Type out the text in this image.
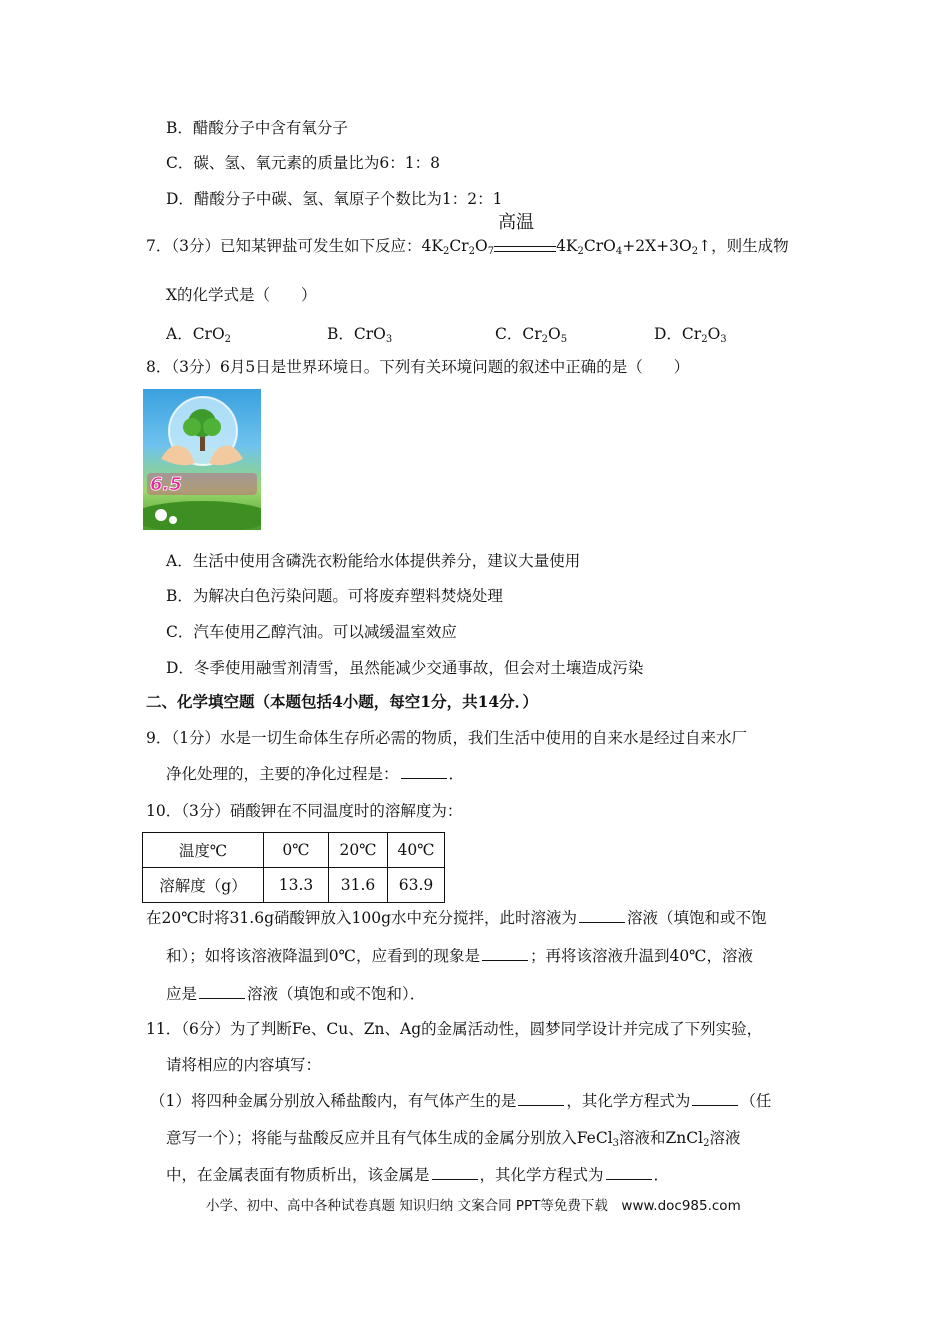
B．醋酸分子中含有氧分子
C．碳、氢、氧元素的质量比为6：1：8
D．醋酸分子中碳、氢、氧原子个数比为1：2：1
7．（3分）已知某钾盐可发生如下反应：$4K_2Cr_2O_7$
高温
$4K_2CrO_4+2X+3O_2↑$，则生成物
X的化学式是（　　）
A．CrO$_2$	B．CrO$_3$	C．$Cr_2O_5$	D．$Cr_2O_3$
8．（3分）6月5日是世界环境日。下列有关环境问题的叙述中正确的是（　　）
6.5
A．生活中使用含磷洗衣粉能给水体提供养分，建议大量使用
B．为解决白色污染问题。可将废弃塑料焚烧处理
C．汽车使用乙醇汽油。可以减缓温室效应
D．冬季使用融雪剂清雪，虽然能减少交通事故，但会对土壤造成污染
二、化学填空题（本题包括4小题，每空1分，共14分．）
9．（1分）水是一切生命体生存所必需的物质，我们生活中使用的自来水是经过自来水厂
净化处理的，主要的净化过程是：	．
10．（3分）硝酸钾在不同温度时的溶解度为：
温度℃	0℃	20℃	40℃
溶解度（g）	13.3	31.6	63.9
在20℃时将31.6g硝酸钾放入100g水中充分搅拌，此时溶液为	溶液（填饱和或不饱
和）；如将该溶液降温到0℃，应看到的现象是	；再将该溶液升温到40℃，溶液
应是	溶液（填饱和或不饱和）．
11．（6分）为了判断Fe、Cu、Zn、Ag的金属活动性，圆梦同学设计并完成了下列实验，
请将相应的内容填写：
（1）将四种金属分别放入稀盐酸内，有气体产生的是	，其化学方程式为	（任
意写一个）；将能与盐酸反应并且有气体生成的金属分别放入FeCl$_3$溶液和ZnCl$_2$溶液
中，在金属表面有物质析出，该金属是	，其化学方程式为	．
小学、初中、高中各种试卷真题 知识归纳 文案合同 PPT等免费下载　www.doc985.com
